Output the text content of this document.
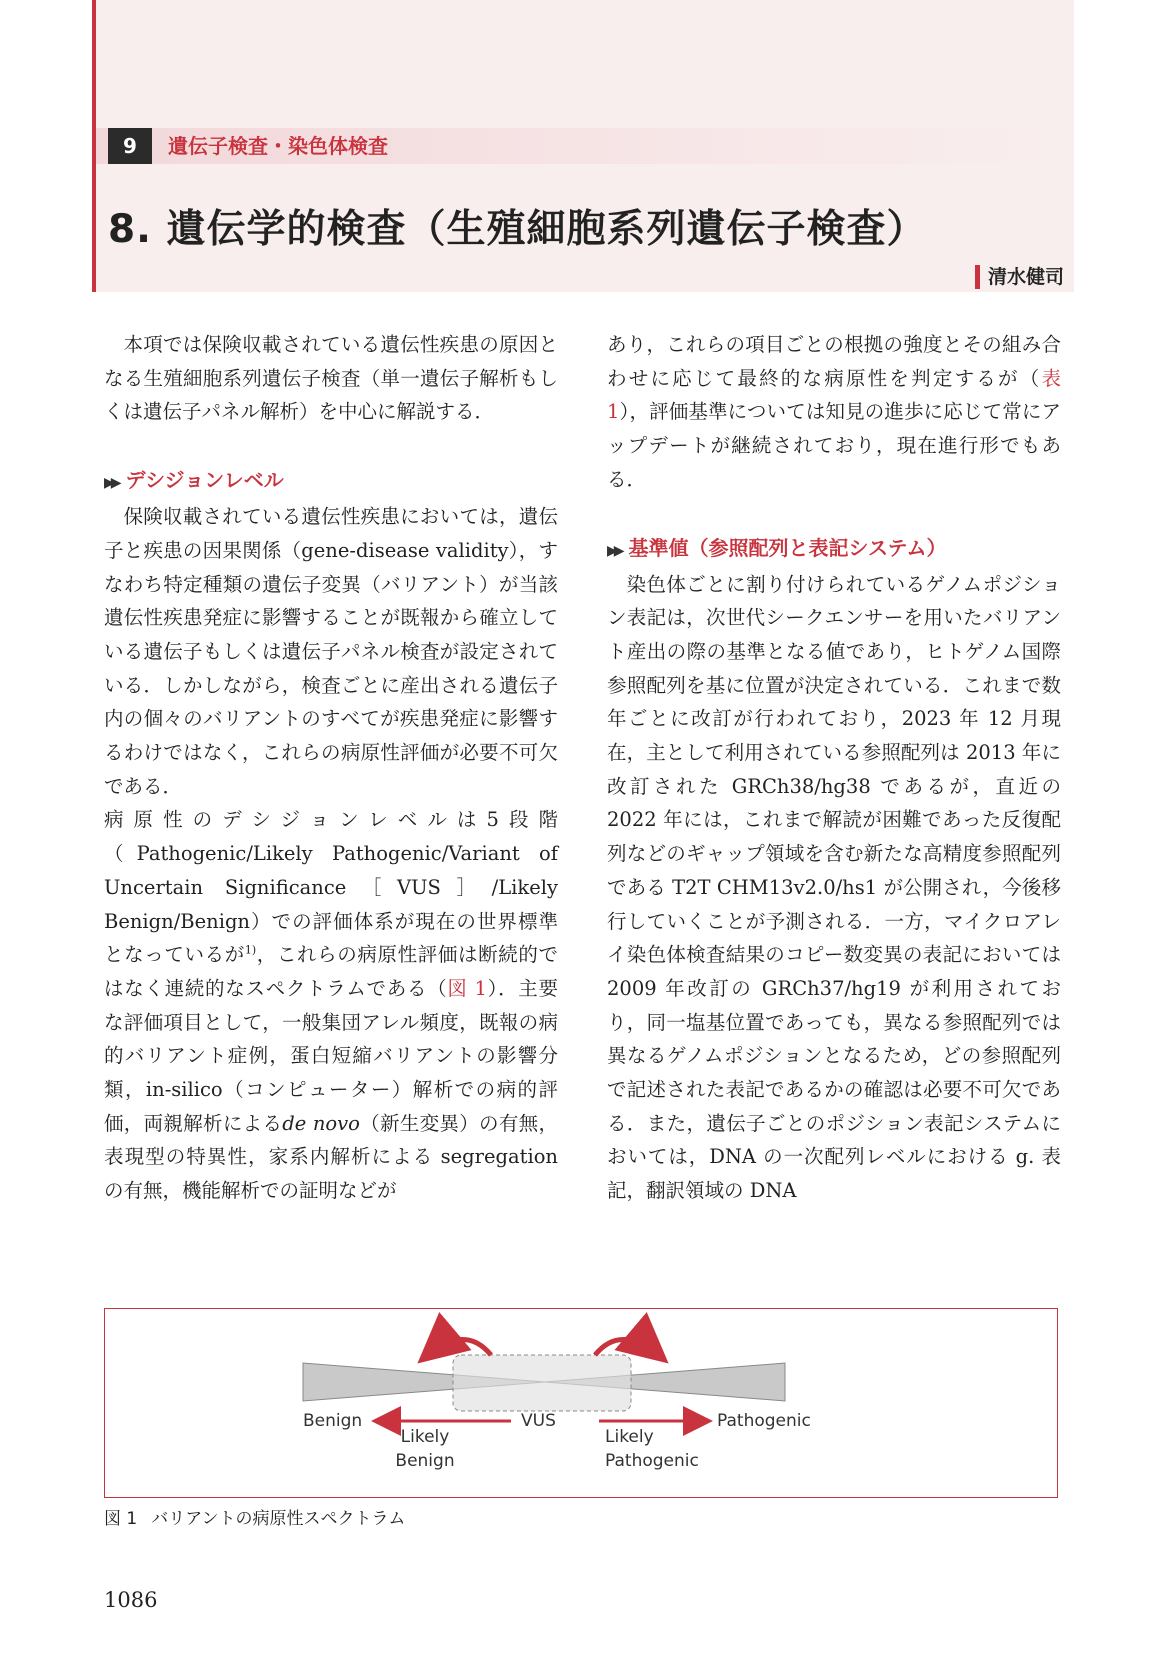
9	遺伝子検査・染色体検査
8. 遺伝学的検査（生殖細胞系列遺伝子検査）
清水健司

本項では保険収載されている遺伝性疾患の原因となる生殖細胞系列遺伝子検査（単一遺伝子解析もしくは遺伝子パネル解析）を中心に解説する．

▶▶ デシジョンレベル

保険収載されている遺伝性疾患においては，遺伝子と疾患の因果関係（gene-disease validity），すなわち特定種類の遺伝子変異（バリアント）が当該遺伝性疾患発症に影響することが既報から確立している遺伝子もしくは遺伝子パネル検査が設定されている．しかしながら，検査ごとに産出される遺伝子内の個々のバリアントのすべてが疾患発症に影響するわけではなく，これらの病原性評価が必要不可欠である．

病原性のデシジョンレベルは5段階（Pathogenic/Likely Pathogenic/Variant of Uncertain Significance［VUS］/Likely Benign/Benign）での評価体系が現在の世界標準となっているが$^{1)}$，これらの病原性評価は断続的ではなく連続的なスペクトラムである（図 1）．主要な評価項目として，一般集団アレル頻度，既報の病的バリアント症例，蛋白短縮バリアントの影響分類，in-silico（コンピューター）解析での病的評価，両親解析によるde novo（新生変異）の有無，表現型の特異性，家系内解析による segregation の有無，機能解析での証明などが

あり，これらの項目ごとの根拠の強度とその組み合わせに応じて最終的な病原性を判定するが（表 1），評価基準については知見の進歩に応じて常にアップデートが継続されており，現在進行形でもある．

▶▶ 基準値（参照配列と表記システム）

染色体ごとに割り付けられているゲノムポジション表記は，次世代シークエンサーを用いたバリアント産出の際の基準となる値であり，ヒトゲノム国際参照配列を基に位置が決定されている．これまで数年ごとに改訂が行われており，2023 年 12 月現在，主として利用されている参照配列は 2013 年に改訂された GRCh38/hg38 であるが，直近の 2022 年には，これまで解読が困難であった反復配列などのギャップ領域を含む新たな高精度参照配列である T2T CHM13v2.0/hs1 が公開され，今後移行していくことが予測される．一方，マイクロアレイ染色体検査結果のコピー数変異の表記においては 2009 年改訂の GRCh37/hg19 が利用されており，同一塩基位置であっても，異なる参照配列では異なるゲノムポジションとなるため，どの参照配列で記述された表記であるかの確認は必要不可欠である．また，遺伝子ごとのポジション表記システムにおいては，DNA の一次配列レベルにおける g. 表記，翻訳領域の DNA

Benign
Likely
Benign
VUS
Likely
Pathogenic
Pathogenic
図 1 バリアントの病原性スペクトラム
1086
